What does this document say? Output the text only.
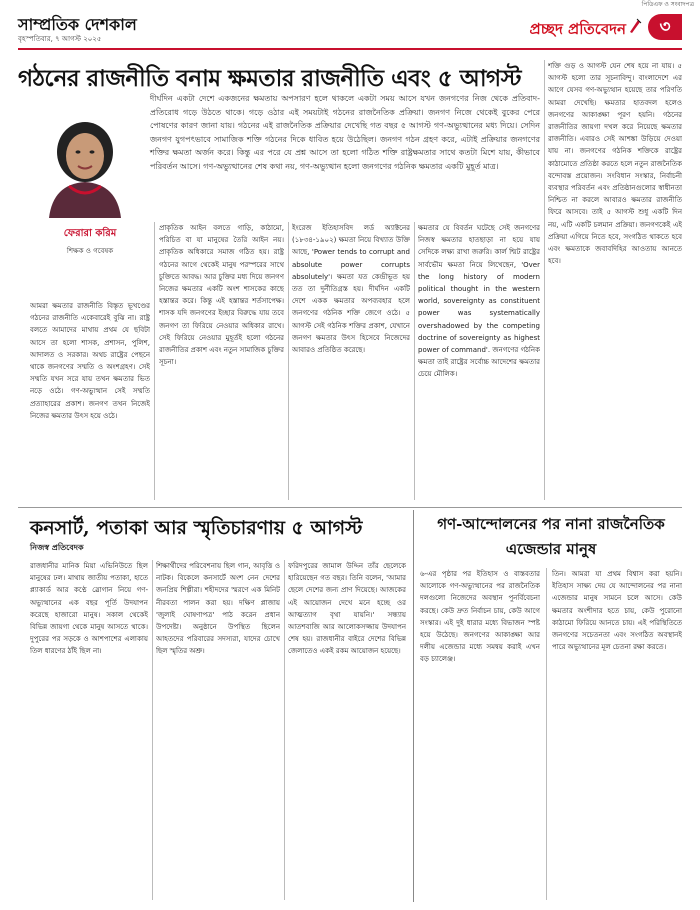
পিডিএফ ও সংবাদপত্র
সাম্প্রতিক দেশকাল
বৃহস্পতিবার, ৭ আগস্ট ২০২৫
প্রচ্ছদ প্রতিবেদন	৩
গঠনের রাজনীতি বনাম ক্ষমতার রাজনীতি এবং ৫ আগস্ট
ফেরারা করিম
শিক্ষক ও গবেষক

দীর্ঘদিন একটা দেশে একজনের ক্ষমতায় অপসারণ হলে থাকলে একটা সময় আসে যখন জনগণের নিজ থেকে প্রতিবাদ-প্রতিরোধ গড়ে উঠতে থাকে। গড়ে ওঠার এই সময়টাই গঠনের রাজনৈতিক প্রক্রিয়া। জনগণ নিজে থেকেই বুকের পেরে পোষণের কারণ জানা যায়। গঠনের এই রাজনৈতিক প্রক্রিয়ার দেখেছি গত বছর ৫ আগস্ট গণ-অভ্যুত্থানের মধ্য দিয়ে। সেদিন জনগণ যুগপৎভাবে সামাজিক শক্তি গঠনের দিকে ধাবিত হয়ে উঠেছিল। জনগণ গঠন গ্রহণ করে, এটাই প্রক্রিয়ার জনগণের শক্তির ক্ষমতা অর্জন করে। কিন্তু এর পরে যে প্রশ্ন আসে তা হলো গঠিত শক্তি রাষ্ট্রক্ষমতার সাথে কতটা মিশে যায়, কীভাবে পরিবর্তন আসে। গণ-অভ্যুত্থানের শেষ কথা নয়, গণ-অভ্যুত্থান হলো জনগণের গঠনিক ক্ষমতার একটি মুহূর্ত মাত্র।

আমরা ক্ষমতার রাজনীতি বিস্তৃত ভূখণ্ডের গঠনের রাজনীতি একেবারেই বুঝি না। রাষ্ট্র বলতে আমাদের মাথায় প্রথম যে ছবিটা আসে তা হলো শাসক, প্রশাসন, পুলিশ, আদালত ও সরকার। অথচ রাষ্ট্রের পেছনে থাকে জনগণের সম্মতি ও অংশগ্রহণ। সেই সম্মতি যখন সরে যায় তখন ক্ষমতার ভিত নড়ে ওঠে। গণ-অভ্যুত্থান সেই সম্মতি প্রত্যাহারের প্রকাশ। জনগণ তখন নিজেই নিজের ক্ষমতার উৎস হয়ে ওঠে।

প্রাকৃতিক আইন বলতে গাড়ি, কাঠামো, পরিচিত বা যা মানুষের তৈরি আইন নয়। প্রাকৃতিক অধিকারে সমাজ গঠিত হয়। রাষ্ট্র গঠনের আগে থেকেই মানুষ পরস্পরের সাথে চুক্তিতে আবদ্ধ। আর চুক্তির মধ্য দিয়ে জনগণ নিজের ক্ষমতার একটি অংশ শাসকের কাছে হস্তান্তর করে। কিন্তু এই হস্তান্তর শর্তসাপেক্ষ। শাসক যদি জনগণের ইচ্ছার বিরুদ্ধে যায় তবে জনগণ তা ফিরিয়ে নেওয়ার অধিকার রাখে। সেই ফিরিয়ে নেওয়ার মুহূর্তই হলো গঠনের রাজনীতির প্রকাশ এবং নতুন সামাজিক চুক্তির সূচনা।

ইংরেজ ইতিহাসবিদ লর্ড অ্যাক্টনের (১৮৩৪-১৯০২) ক্ষমতা নিয়ে বিখ্যাত উক্তি আছে, 'Power tends to corrupt and absolute power corrupts absolutely'। ক্ষমতা যত কেন্দ্রীভূত হয় তত তা দুর্নীতিগ্রস্ত হয়। দীর্ঘদিন একটি দেশে একক ক্ষমতার অপব্যবহার হলে জনগণের গঠনিক শক্তি জেগে ওঠে। ৫ আগস্ট সেই গঠনিক শক্তির প্রকাশ, যেখানে জনগণ ক্ষমতার উৎস হিসেবে নিজেদের আবারও প্রতিষ্ঠিত করেছে।

ক্ষমতার যে বিবর্তন ঘটেছে সেই জনগণের নিজস্ব ক্ষমতার হাতছাড়া না হয়ে যায় সেদিকে লক্ষ্য রাখা জরুরি। কার্ল শ্মিট রাষ্ট্রের সার্বভৌম ক্ষমতা নিয়ে লিখেছেন, 'Over the long history of modern political thought in the western world, sovereignty as constituent power was systematically overshadowed by the competing doctrine of sovereignty as highest power of command'. জনগণের গঠনিক ক্ষমতা তাই রাষ্ট্রের সর্বোচ্চ আদেশের ক্ষমতার চেয়ে মৌলিক।

শক্তি গুড় ও আগস্ট যেন শেষ হয়ে না যায়। ৫ আগস্ট হলো তার সূচনাবিন্দু। বাংলাদেশে এর আগে যেসব গণ-অভ্যুত্থান হয়েছে তার পরিণতি আমরা দেখেছি। ক্ষমতার হাতবদল হলেও জনগণের আকাঙ্ক্ষা পূরণ হয়নি। গঠনের রাজনীতির জায়গা দখল করে নিয়েছে ক্ষমতার রাজনীতি। এবারও সেই আশঙ্কা উড়িয়ে দেওয়া যায় না। জনগণের গঠনিক শক্তিকে রাষ্ট্রের কাঠামোতে প্রতিষ্ঠা করতে হলে নতুন রাজনৈতিক বন্দোবস্ত প্রয়োজন। সংবিধান সংস্কার, নির্বাচনী ব্যবস্থার পরিবর্তন এবং প্রতিষ্ঠানগুলোর স্বাধীনতা নিশ্চিত না করলে আবারও ক্ষমতার রাজনীতি ফিরে আসবে। তাই ৫ আগস্ট শুধু একটি দিন নয়, এটি একটি চলমান প্রক্রিয়া। জনগণকেই এই প্রক্রিয়া এগিয়ে নিতে হবে, সংগঠিত থাকতে হবে এবং ক্ষমতাকে জবাবদিহির আওতায় আনতে হবে।

কনসার্ট, পতাকা আর স্মৃতিচারণায় ৫ আগস্ট
নিজস্ব প্রতিবেদক

রাজধানীর মানিক মিয়া এভিনিউতে ছিল মানুষের ঢল। মাথায় জাতীয় পতাকা, হাতে প্ল্যাকার্ড আর কণ্ঠে স্লোগান নিয়ে গণ-অভ্যুত্থানের এক বছর পূর্তি উদযাপন করেছে হাজারো মানুষ। সকাল থেকেই বিভিন্ন জায়গা থেকে মানুষ আসতে থাকে। দুপুরের পর সড়কে ও আশপাশের এলাকায় তিল ধারণের ঠাঁই ছিল না।

শিক্ষার্থীদের পরিবেশনায় ছিল গান, আবৃত্তি ও নাটক। বিকেলে কনসার্টে অংশ নেন দেশের জনপ্রিয় শিল্পীরা। শহীদদের স্মরণে এক মিনিট নীরবতা পালন করা হয়। দক্ষিণ প্লাজায় 'জুলাই ঘোষণাপত্র' পাঠ করেন প্রধান উপদেষ্টা। অনুষ্ঠানে উপস্থিত ছিলেন আহতদের পরিবারের সদস্যরা, যাদের চোখে ছিল স্মৃতির অশ্রু।

ফরিদপুরের জামাল উদ্দিন তাঁর ছেলেকে হারিয়েছেন গত বছর। তিনি বলেন, 'আমার ছেলে দেশের জন্য প্রাণ দিয়েছে। আজকের এই আয়োজন দেখে মনে হচ্ছে ওর আত্মত্যাগ বৃথা যায়নি।' সন্ধ্যায় আতশবাজি আর আলোকসজ্জায় উদযাপন শেষ হয়। রাজধানীর বাইরে দেশের বিভিন্ন জেলাতেও একই রকম আয়োজন হয়েছে।

গণ-আন্দোলনের পর নানা রাজনৈতিক এজেন্ডার মানুষ

৬-এর পৃষ্ঠার পর ইতিহাস ও বাস্তবতার আলোকে গণ-অভ্যুত্থানের পর রাজনৈতিক দলগুলো নিজেদের অবস্থান পুনর্বিবেচনা করছে। কেউ দ্রুত নির্বাচন চায়, কেউ আগে সংস্কার। এই দুই ধারার মধ্যে বিভাজন স্পষ্ট হয়ে উঠেছে। জনগণের আকাঙ্ক্ষা আর দলীয় এজেন্ডার মধ্যে সমন্বয় করাই এখন বড় চ্যালেঞ্জ।

তিন। আমরা যা প্রথম বিশ্বাস করা হয়নি। ইতিহাস সাক্ষ্য দেয় যে আন্দোলনের পর নানা এজেন্ডার মানুষ সামনে চলে আসে। কেউ ক্ষমতার অংশীদার হতে চায়, কেউ পুরোনো কাঠামো ফিরিয়ে আনতে চায়। এই পরিস্থিতিতে জনগণের সচেতনতা এবং সংগঠিত অবস্থানই পারে অভ্যুত্থানের মূল চেতনা রক্ষা করতে।
